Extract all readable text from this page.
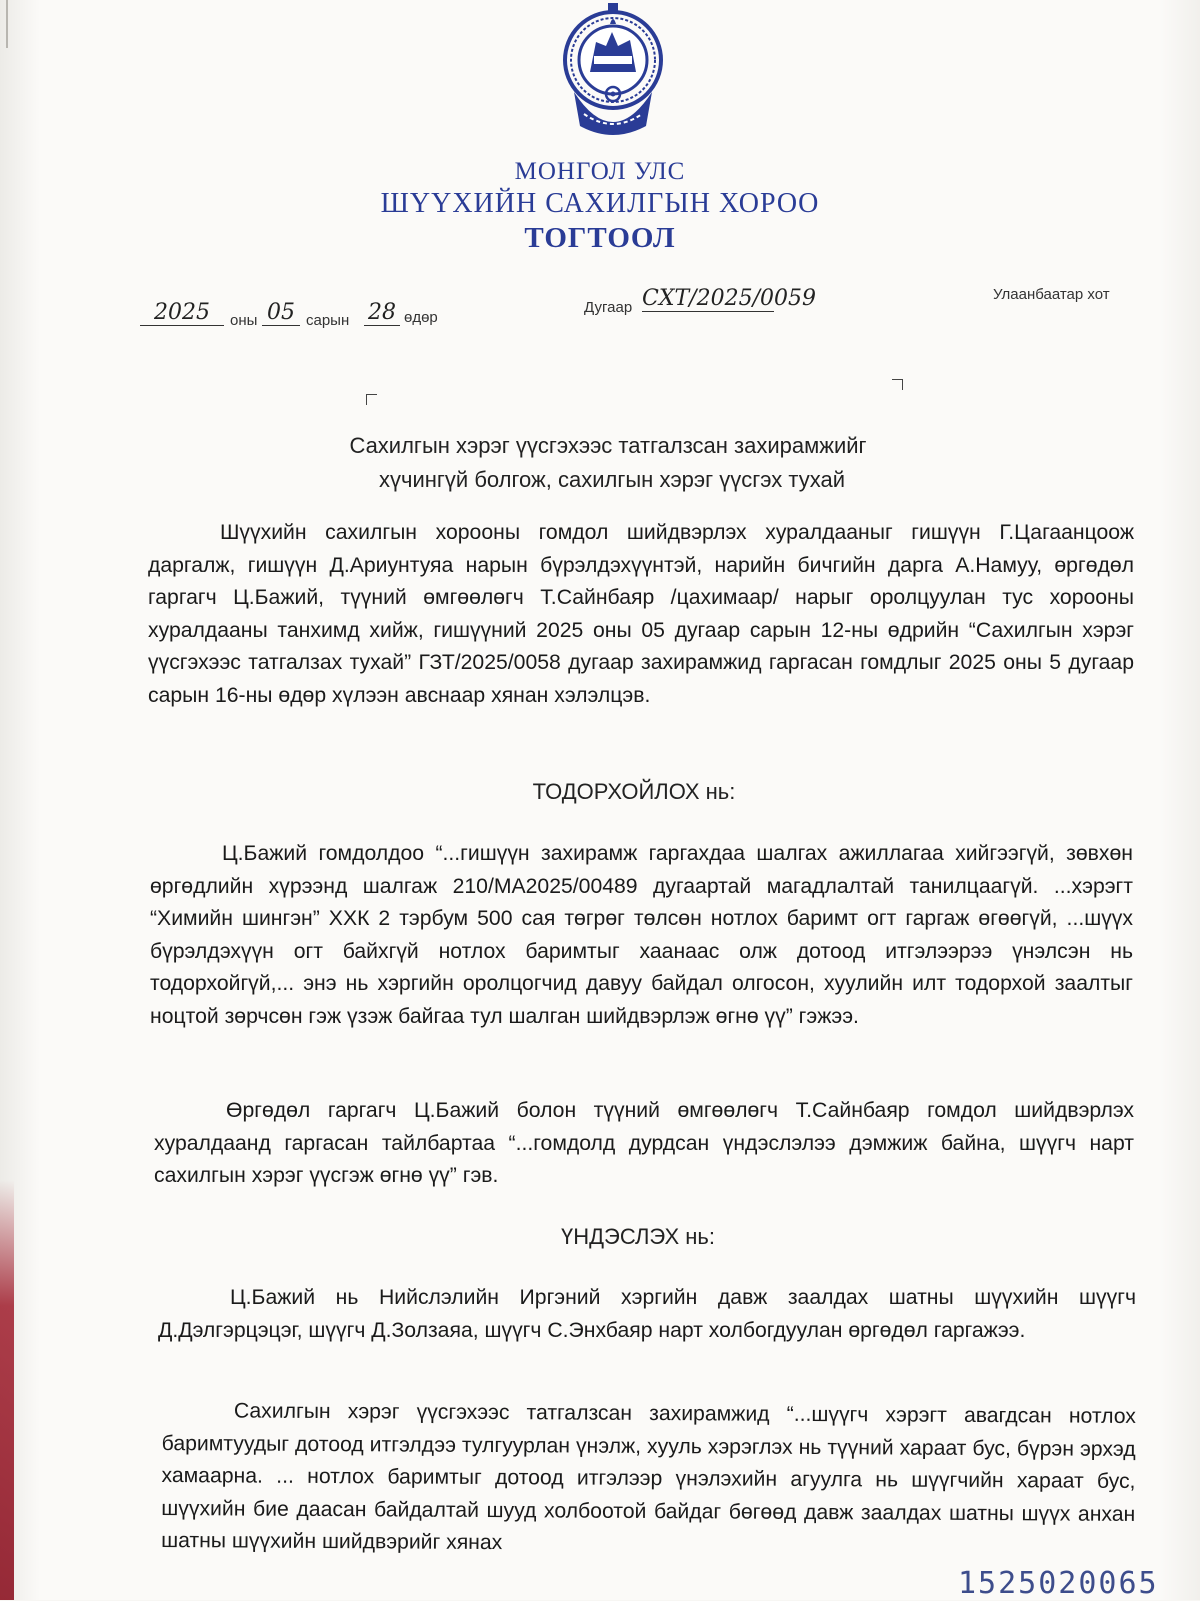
МОНГОЛ УЛС
ШҮҮХИЙН САХИЛГЫН ХОРОО
ТОГТООЛ
2025	оны 05 сарын 28 өдөр
Дугаар СХТ/2025/0059	Улаанбаатар хот
Сахилгын хэрэг үүсгэхээс татгалзсан захирамжийг
хүчингүй болгож, сахилгын хэрэг үүсгэх тухай
Шүүхийн сахилгын хорооны гомдол шийдвэрлэх хуралдааныг гишүүн Г.Цагаанцоож даргалж, гишүүн Д.Ариунтуяа нарын бүрэлдэхүүнтэй, нарийн бичгийн дарга А.Намуу, өргөдөл гаргагч Ц.Бажий, түүний өмгөөлөгч Т.Сайнбаяр /цахимаар/ нарыг оролцуулан тус хорооны хуралдааны танхимд хийж, гишүүний 2025 оны 05 дугаар сарын 12-ны өдрийн “Сахилгын хэрэг үүсгэхээс татгалзах тухай” ГЗТ/2025/0058 дугаар захирамжид гаргасан гомдлыг 2025 оны 5 дугаар сарын 16-ны өдөр хүлээн авснаар хянан хэлэлцэв.
ТОДОРХОЙЛОХ нь:
Ц.Бажий гомдолдоо “...гишүүн захирамж гаргахдаа шалгах ажиллагаа хийгээгүй, зөвхөн өргөдлийн хүрээнд шалгаж 210/МА2025/00489 дугаартай магадлалтай танилцаагүй. ...хэрэгт “Химийн шингэн” ХХК 2 тэрбум 500 сая төгрөг төлсөн нотлох баримт огт гаргаж өгөөгүй, ...шүүх бүрэлдэхүүн огт байхгүй нотлох баримтыг хаанаас олж дотоод итгэлээрээ үнэлсэн нь тодорхойгүй,... энэ нь хэргийн оролцогчид давуу байдал олгосон, хуулийн илт тодорхой заалтыг ноцтой зөрчсөн гэж үзэж байгаа тул шалган шийдвэрлэж өгнө үү” гэжээ.
Өргөдөл гаргагч Ц.Бажий болон түүний өмгөөлөгч Т.Сайнбаяр гомдол шийдвэрлэх хуралдаанд гаргасан тайлбартаа “...гомдолд дурдсан үндэслэлээ дэмжиж байна, шүүгч нарт сахилгын хэрэг үүсгэж өгнө үү” гэв.
ҮНДЭСЛЭХ нь:
Ц.Бажий нь Нийслэлийн Иргэний хэргийн давж заалдах шатны шүүхийн шүүгч Д.Дэлгэрцэцэг, шүүгч Д.Золзаяа, шүүгч С.Энхбаяр нарт холбогдуулан өргөдөл гаргажээ.
Сахилгын хэрэг үүсгэхээс татгалзсан захирамжид “...шүүгч хэрэгт авагдсан нотлох баримтуудыг дотоод итгэлдээ тулгуурлан үнэлж, хууль хэрэглэх нь түүний хараат бус, бүрэн эрхэд хамаарна. ... нотлох баримтыг дотоод итгэлээр үнэлэхийн агуулга нь шүүгчийн хараат бус, шүүхийн бие даасан байдалтай шууд холбоотой байдаг бөгөөд давж заалдах шатны шүүх анхан шатны шүүхийн шийдвэрийг хянах
1525020065
